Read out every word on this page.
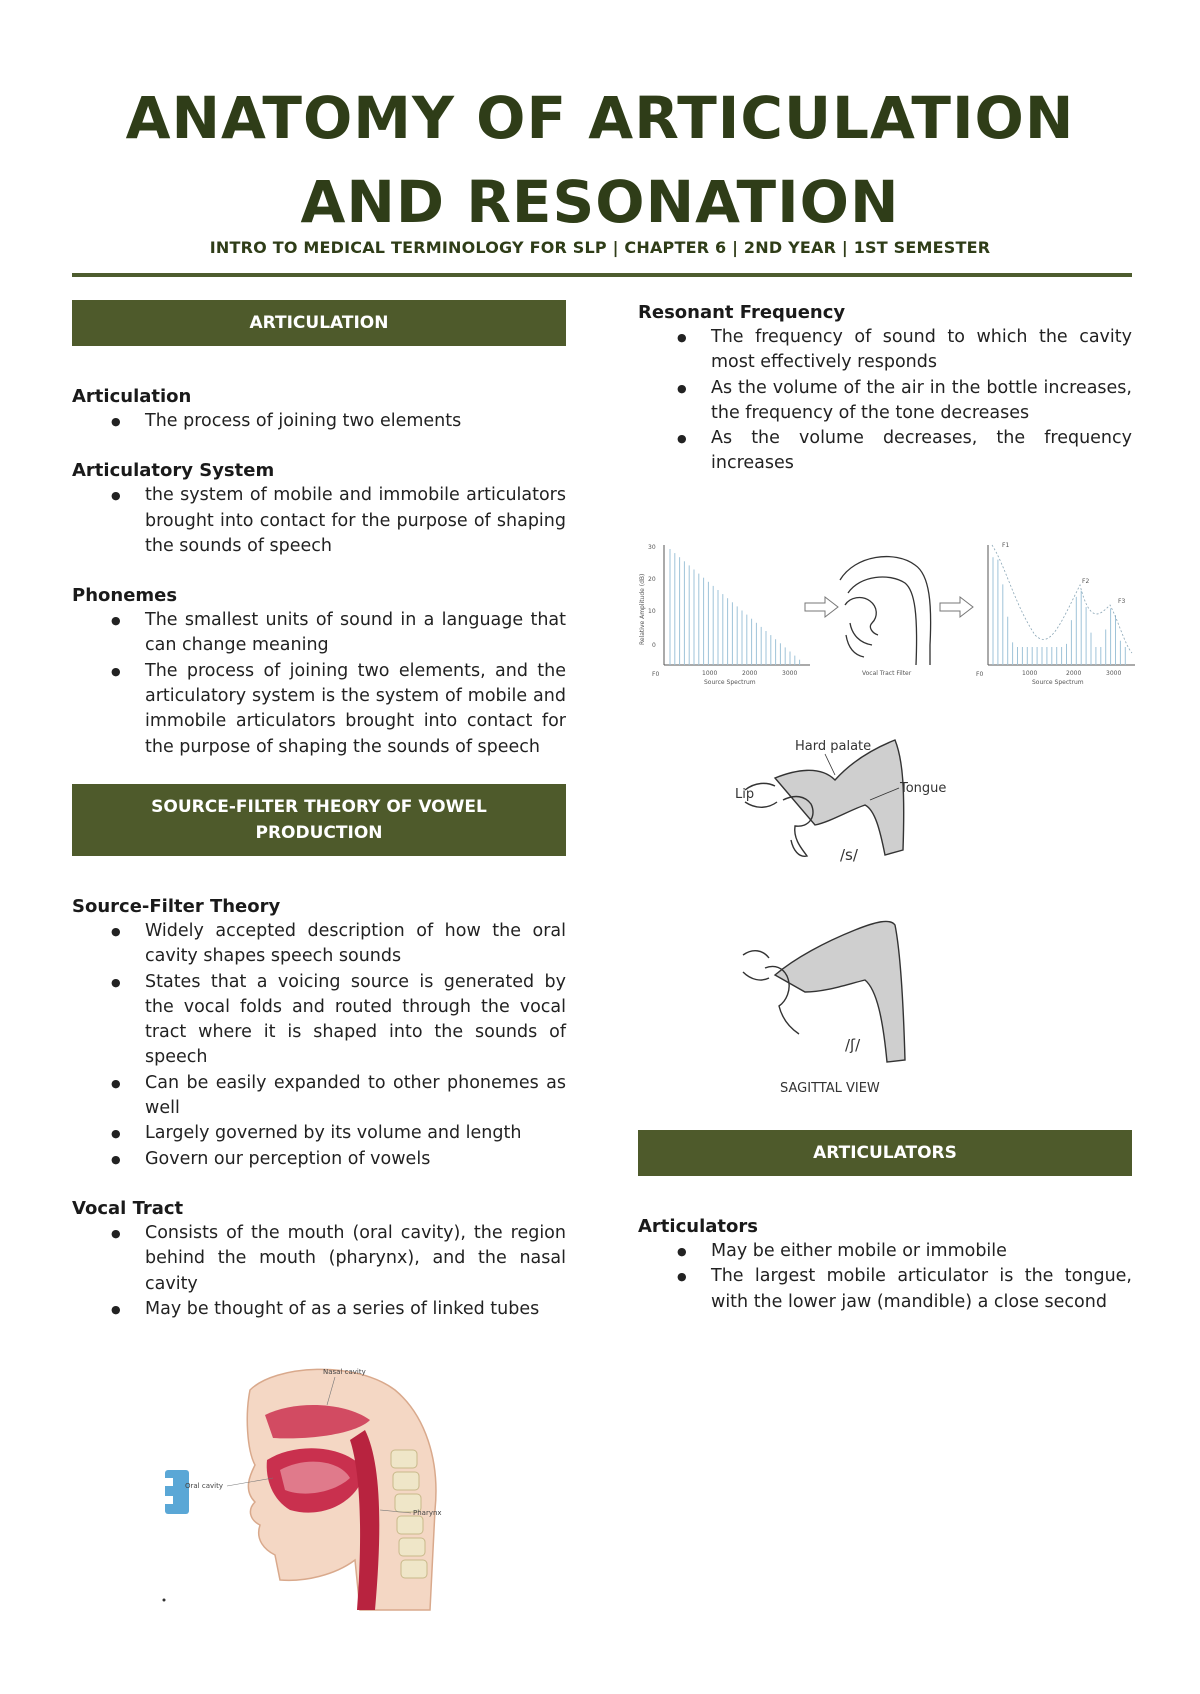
ANATOMY OF ARTICULATION
AND RESONATION
INTRO TO MEDICAL TERMINOLOGY FOR SLP | CHAPTER 6 | 2ND YEAR | 1ST SEMESTER
ARTICULATION
Articulation
● The process of joining two elements
Articulatory System
● the system of mobile and immobile articulators brought into contact for the purpose of shaping the sounds of speech
Phonemes
● The smallest units of sound in a language that can change meaning
● The process of joining two elements, and the articulatory system is the system of mobile and immobile articulators brought into contact for the purpose of shaping the sounds of speech
SOURCE-FILTER THEORY OF VOWEL PRODUCTION
Source-Filter Theory
● Widely accepted description of how the oral cavity shapes speech sounds
● States that a voicing source is generated by the vocal folds and routed through the vocal tract where it is shaped into the sounds of speech
● Can be easily expanded to other phonemes as well
● Largely governed by its volume and length
● Govern our perception of vowels
Vocal Tract
● Consists of the mouth (oral cavity), the region behind the mouth (pharynx), and the nasal cavity
● May be thought of as a series of linked tubes
Nasal cavity
Oral cavity
Pharynx
Resonant Frequency
● The frequency of sound to which the cavity most effectively responds
● As the volume of the air in the bottle increases, the frequency of the tone decreases
● As the volume decreases, the frequency increases
30
20
10
0
Relative Amplitude (dB)
F0	1000	2000	3000
Source Spectrum
Vocal Tract Filter
F1
F2
F3
F0	1000	2000	3000
Source Spectrum
Lip
Hard palate
Tongue
/s/
/ʃ/
SAGITTAL VIEW
ARTICULATORS
Articulators
● May be either mobile or immobile
● The largest mobile articulator is the tongue, with the lower jaw (mandible) a close second
